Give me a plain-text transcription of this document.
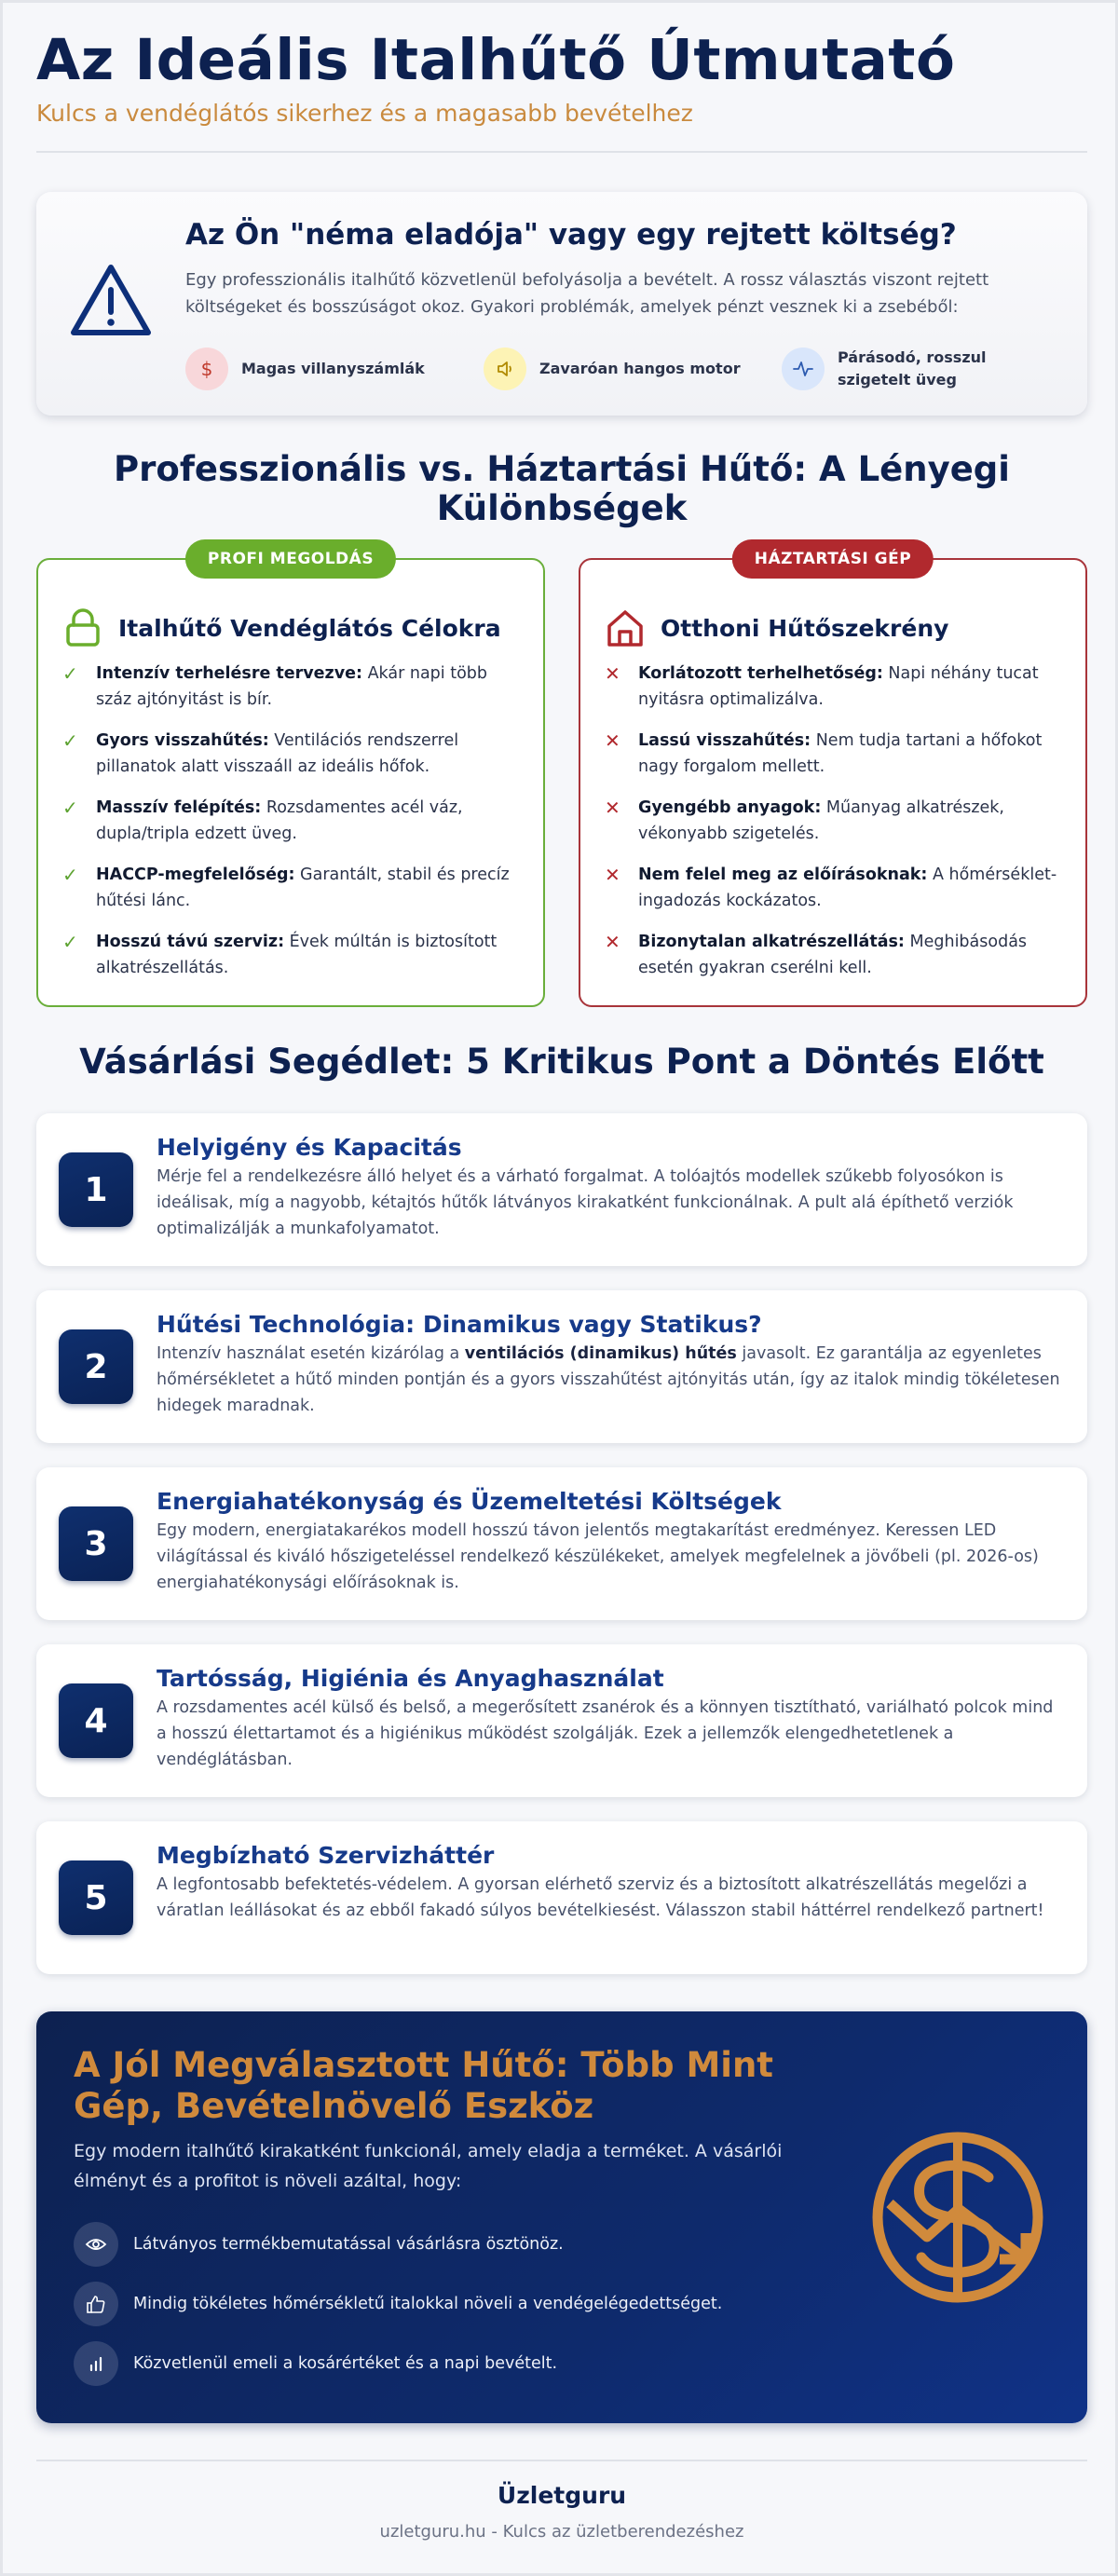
Az Ideális Italhűtő Útmutató

Kulcs a vendéglátós sikerhez és a magasabb bevételhez

Az Ön "néma eladója" vagy egy rejtett költség?
Egy professzionális italhűtő közvetlenül befolyásolja a bevételt. A rossz választás viszont rejtett költségeket és bosszúságot okoz. Gyakori problémák, amelyek pénzt vesznek ki a zsebéből:
$	Magas villanyszámlák	Zavaróan hangos motor
Párásodó, rosszul szigetelt üveg
Professzionális vs. Háztartási Hűtő: A Lényegi Különbségek
PROFI MEGOLDÁS
Italhűtő Vendéglátós Célokra
✓ Intenzív terhelésre tervezve: Akár napi több száz ajtónyitást is bír.
✓ Gyors visszahűtés: Ventilációs rendszerrel pillanatok alatt visszaáll az ideális hőfok.
✓ Masszív felépítés: Rozsdamentes acél váz, dupla/tripla edzett üveg.
✓ HACCP-megfelelőség: Garantált, stabil és precíz hűtési lánc.
✓ Hosszú távú szerviz: Évek múltán is biztosított alkatrészellátás.
HÁZTARTÁSI GÉP
Otthoni Hűtőszekrény
✕ Korlátozott terhelhetőség: Napi néhány tucat nyitásra optimalizálva.
✕ Lassú visszahűtés: Nem tudja tartani a hőfokot nagy forgalom mellett.
✕ Gyengébb anyagok: Műanyag alkatrészek, vékonyabb szigetelés.
✕ Nem felel meg az előírásoknak: A hőmérséklet-ingadozás kockázatos.
✕ Bizonytalan alkatrészellátás: Meghibásodás esetén gyakran cserélni kell.
Vásárlási Segédlet: 5 Kritikus Pont a Döntés Előtt
1
Helyigény és Kapacitás
Mérje fel a rendelkezésre álló helyet és a várható forgalmat. A tolóajtós modellek szűkebb folyosókon is ideálisak, míg a nagyobb, kétajtós hűtők látványos kirakatként funkcionálnak. A pult alá építhető verziók optimalizálják a munkafolyamatot.
2
Hűtési Technológia: Dinamikus vagy Statikus?
Intenzív használat esetén kizárólag a ventilációs (dinamikus) hűtés javasolt. Ez garantálja az egyenletes hőmérsékletet a hűtő minden pontján és a gyors visszahűtést ajtónyitás után, így az italok mindig tökéletesen hidegek maradnak.
3
Energiahatékonyság és Üzemeltetési Költségek
Egy modern, energiatakarékos modell hosszú távon jelentős megtakarítást eredményez. Keressen LED világítással és kiváló hőszigeteléssel rendelkező készülékeket, amelyek megfelelnek a jövőbeli (pl. 2026-os) energiahatékonysági előírásoknak is.
4
Tartósság, Higiénia és Anyaghasználat
A rozsdamentes acél külső és belső, a megerősített zsanérok és a könnyen tisztítható, variálható polcok mind a hosszú élettartamot és a higiénikus működést szolgálják. Ezek a jellemzők elengedhetetlenek a vendéglátásban.
5
Megbízható Szervizháttér
A legfontosabb befektetés-védelem. A gyorsan elérhető szerviz és a biztosított alkatrészellátás megelőzi a váratlan leállásokat és az ebből fakadó súlyos bevételkiesést. Válasszon stabil háttérrel rendelkező partnert!
A Jól Megválasztott Hűtő: Több Mint Gép, Bevételnövelő Eszköz
Egy modern italhűtő kirakatként funkcionál, amely eladja a terméket. A vásárlói élményt és a profitot is növeli azáltal, hogy:
Látványos termékbemutatással vásárlásra ösztönöz.
Mindig tökéletes hőmérsékletű italokkal növeli a vendégelégedettséget.
Közvetlenül emeli a kosárértéket és a napi bevételt.
Üzletguru
uzletguru.hu - Kulcs az üzletberendezéshez
